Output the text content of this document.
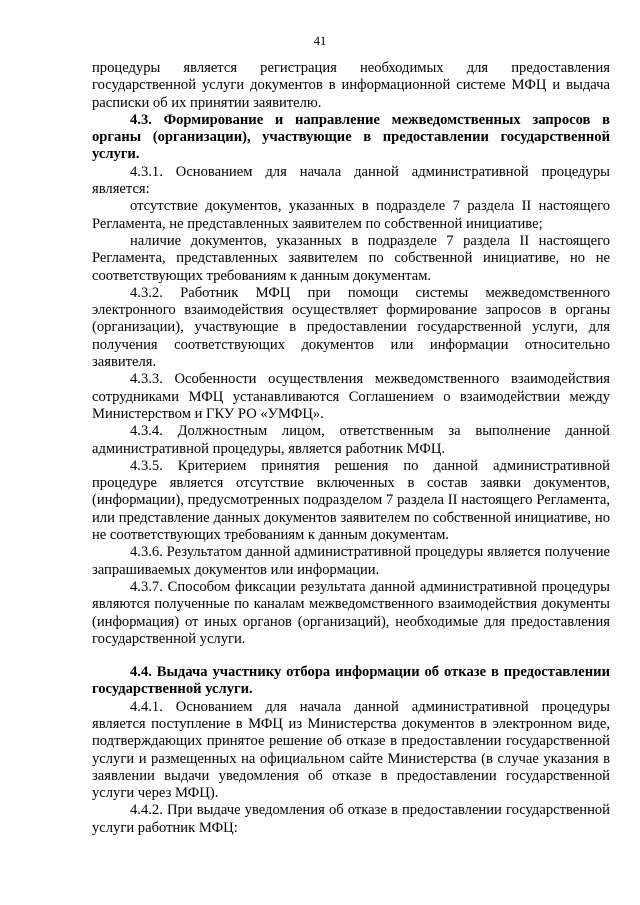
41

процедуры является регистрация необходимых для предоставления государственной услуги документов в информационной системе МФЦ и выдача расписки об их принятии заявителю.

4.3. Формирование и направление межведомственных запросов в органы (организации), участвующие в предоставлении государственной услуги.

4.3.1. Основанием для начала данной административной процедуры является:

отсутствие документов, указанных в подразделе 7 раздела II настоящего Регламента, не представленных заявителем по собственной инициативе;

наличие документов, указанных в подразделе 7 раздела II настоящего Регламента, представленных заявителем по собственной инициативе, но не соответствующих требованиям к данным документам.

4.3.2. Работник МФЦ при помощи системы межведомственного электронного взаимодействия осуществляет формирование запросов в органы (организации), участвующие в предоставлении государственной услуги, для получения соответствующих документов или информации относительно заявителя.

4.3.3. Особенности осуществления межведомственного взаимодействия сотрудниками МФЦ устанавливаются Соглашением о взаимодействии между Министерством и ГКУ РО «УМФЦ».

4.3.4. Должностным лицом, ответственным за выполнение данной административной процедуры, является работник МФЦ.

4.3.5. Критерием принятия решения по данной административной процедуре является отсутствие включенных в состав заявки документов, (информации), предусмотренных подразделом 7 раздела II настоящего Регламента, или представление данных документов заявителем по собственной инициативе, но не соответствующих требованиям к данным документам.

4.3.6. Результатом данной административной процедуры является получение запрашиваемых документов или информации.

4.3.7. Способом фиксации результата данной административной процедуры являются полученные по каналам межведомственного взаимодействия документы (информация) от иных органов (организаций), необходимые для предоставления государственной услуги.

4.4. Выдача участнику отбора информации об отказе в предоставлении государственной услуги.

4.4.1. Основанием для начала данной административной процедуры является поступление в МФЦ из Министерства документов в электронном виде, подтверждающих принятое решение об отказе в предоставлении государственной услуги и размещенных на официальном сайте Министерства (в случае указания в заявлении выдачи уведомления об отказе в предоставлении государственной услуги через МФЦ).

4.4.2. При выдаче уведомления об отказе в предоставлении государственной услуги работник МФЦ:
